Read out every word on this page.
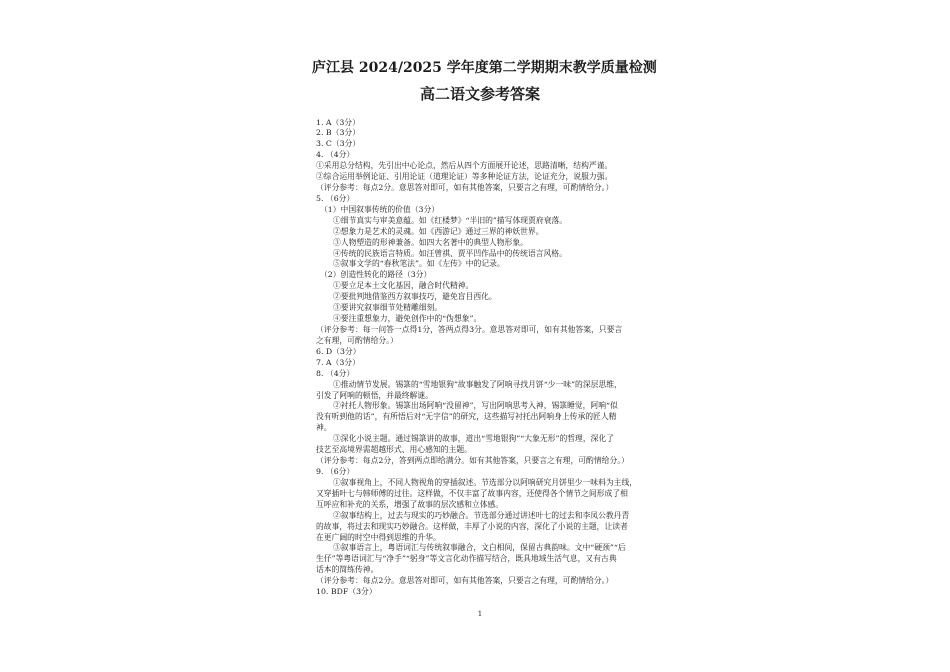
庐江县 2024/2025 学年度第二学期期末教学质量检测
高二语文参考答案
1. A（3分）
2. B（3分）
3. C（3分）
4. （4分）
①采用总分结构，先引出中心论点，然后从四个方面展开论述，思路清晰，结构严谨。
②综合运用举例论证、引用论证（道理论证）等多种论证方法，论证充分，说服力强。
（评分参考：每点2分。意思答对即可，如有其他答案，只要言之有理，可酌情给分。）
5. （6分）
（1）中国叙事传统的价值（3分）
①细节真实与审美意蕴。如《红楼梦》“半旧的”描写体现贾府衰落。
②想象力是艺术的灵魂。如《西游记》通过三界的神妖世界。
③人物塑造的形神兼备。如四大名著中的典型人物形象。
④传统的民族语言特质。如汪曾祺、贾平凹作品中的传统语言风格。
⑤叙事文学的“春秋笔法”。如《左传》中的记录。
（2）创造性转化的路径（3分）
①要立足本土文化基因，融合时代精神。
②要批判地借鉴西方叙事技巧，避免盲目西化。
③要讲究叙事细节处精雕细刻。
④要注重想象力，避免创作中的“伪想象”。
（评分参考：每一问答一点得1分，答两点得3分。意思答对即可，如有其他答案，只要言
之有理，可酌情给分。）
6. D（3分）
7. A（3分）
8. （4分）
①推动情节发展。锡箓的“雪地银狗”故事触发了阿响寻找月饼“少一味”的深层思维，
引发了阿响的顿悟，并最终解谜。
②衬托人物形象。锡箓出场阿响“没留神”，写出阿响思考入神，锡箓睡觉，阿响“似
没有听到他的话”，有所悟后对“无字信”的研究，这些描写衬托出阿响身上传承的匠人精
神。
③深化小说主题。通过锡箓讲的故事，道出“雪地银狗”“大象无形”的哲理，深化了
技艺至高境界需超越形式、用心感知的主题。
（评分参考：每点2分，答到两点即给满分。如有其他答案，只要言之有理，可酌情给分。）
9. （6分）
①叙事视角上，不同人物视角的穿插叙述。节选部分以阿响研究月饼里少一味料为主线，
又穿插叶七与韩师傅的过往。这样做，不仅丰富了故事内容，还使得各个情节之间形成了相
互呼应和补充的关系，增强了故事的层次感和立体感。
②叙事结构上，过去与现实的巧妙融合。节选部分通过讲述叶七的过去和李凤公教丹青
的故事，将过去和现实巧妙融合。这样做，丰厚了小说的内容，深化了小说的主题，让读者
在更广阔的时空中得到思维的升华。
③叙事语言上，粤语词汇与传统叙事融合，文白相间，保留古典韵味。文中“硬颈”“后
生仔”等粤语词汇与“净手”“躬身”等文言化动作描写结合，既具地域生活气息，又有古典
话本的简练传神。
（评分参考：每点2分。意思答对即可，如有其他答案，只要言之有理，可酌情给分。）
10. BDF（3分）
1
